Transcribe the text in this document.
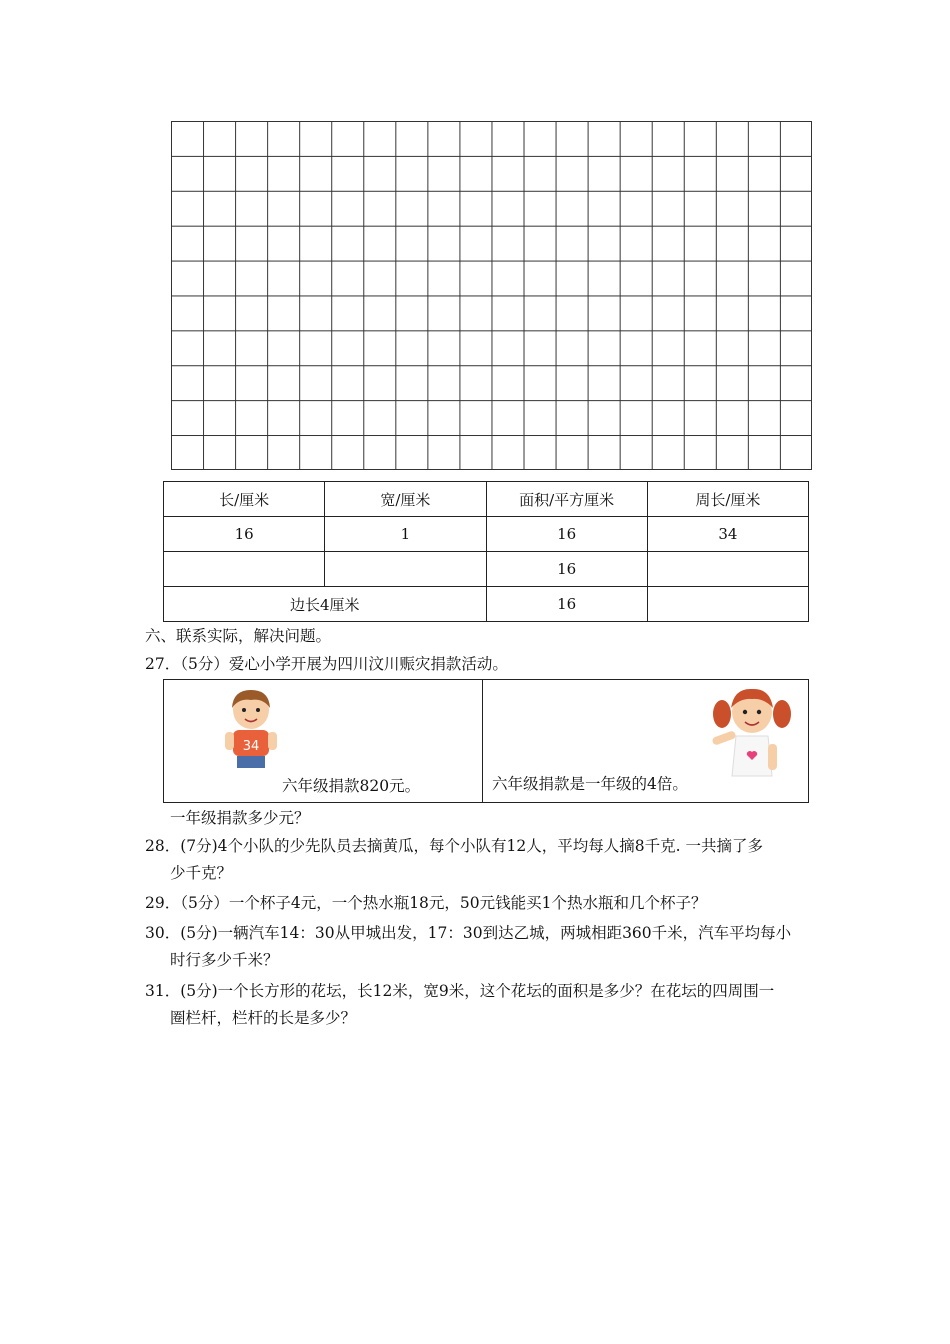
长/厘米	宽/厘米	面积/平方厘米	周长/厘米
16	1	16	34
		16	
边长4厘米		16	
六、联系实际，解决问题。
27．（5分）爱心小学开展为四川汶川赈灾捐款活动。
34
六年级捐款820元。	六年级捐款是一年级的4倍。
一年级捐款多少元？
28．(7分)4个小队的少先队员去摘黄瓜，每个小队有12人，平均每人摘8千克. 一共摘了多
少千克？
29．（5分）一个杯子4元，一个热水瓶18元，50元钱能买1个热水瓶和几个杯子？
30．(5分)一辆汽车14：30从甲城出发，17：30到达乙城，两城相距360千米，汽车平均每小
时行多少千米？
31．(5分)一个长方形的花坛，长12米，宽9米，这个花坛的面积是多少？在花坛的四周围一
圈栏杆，栏杆的长是多少？
